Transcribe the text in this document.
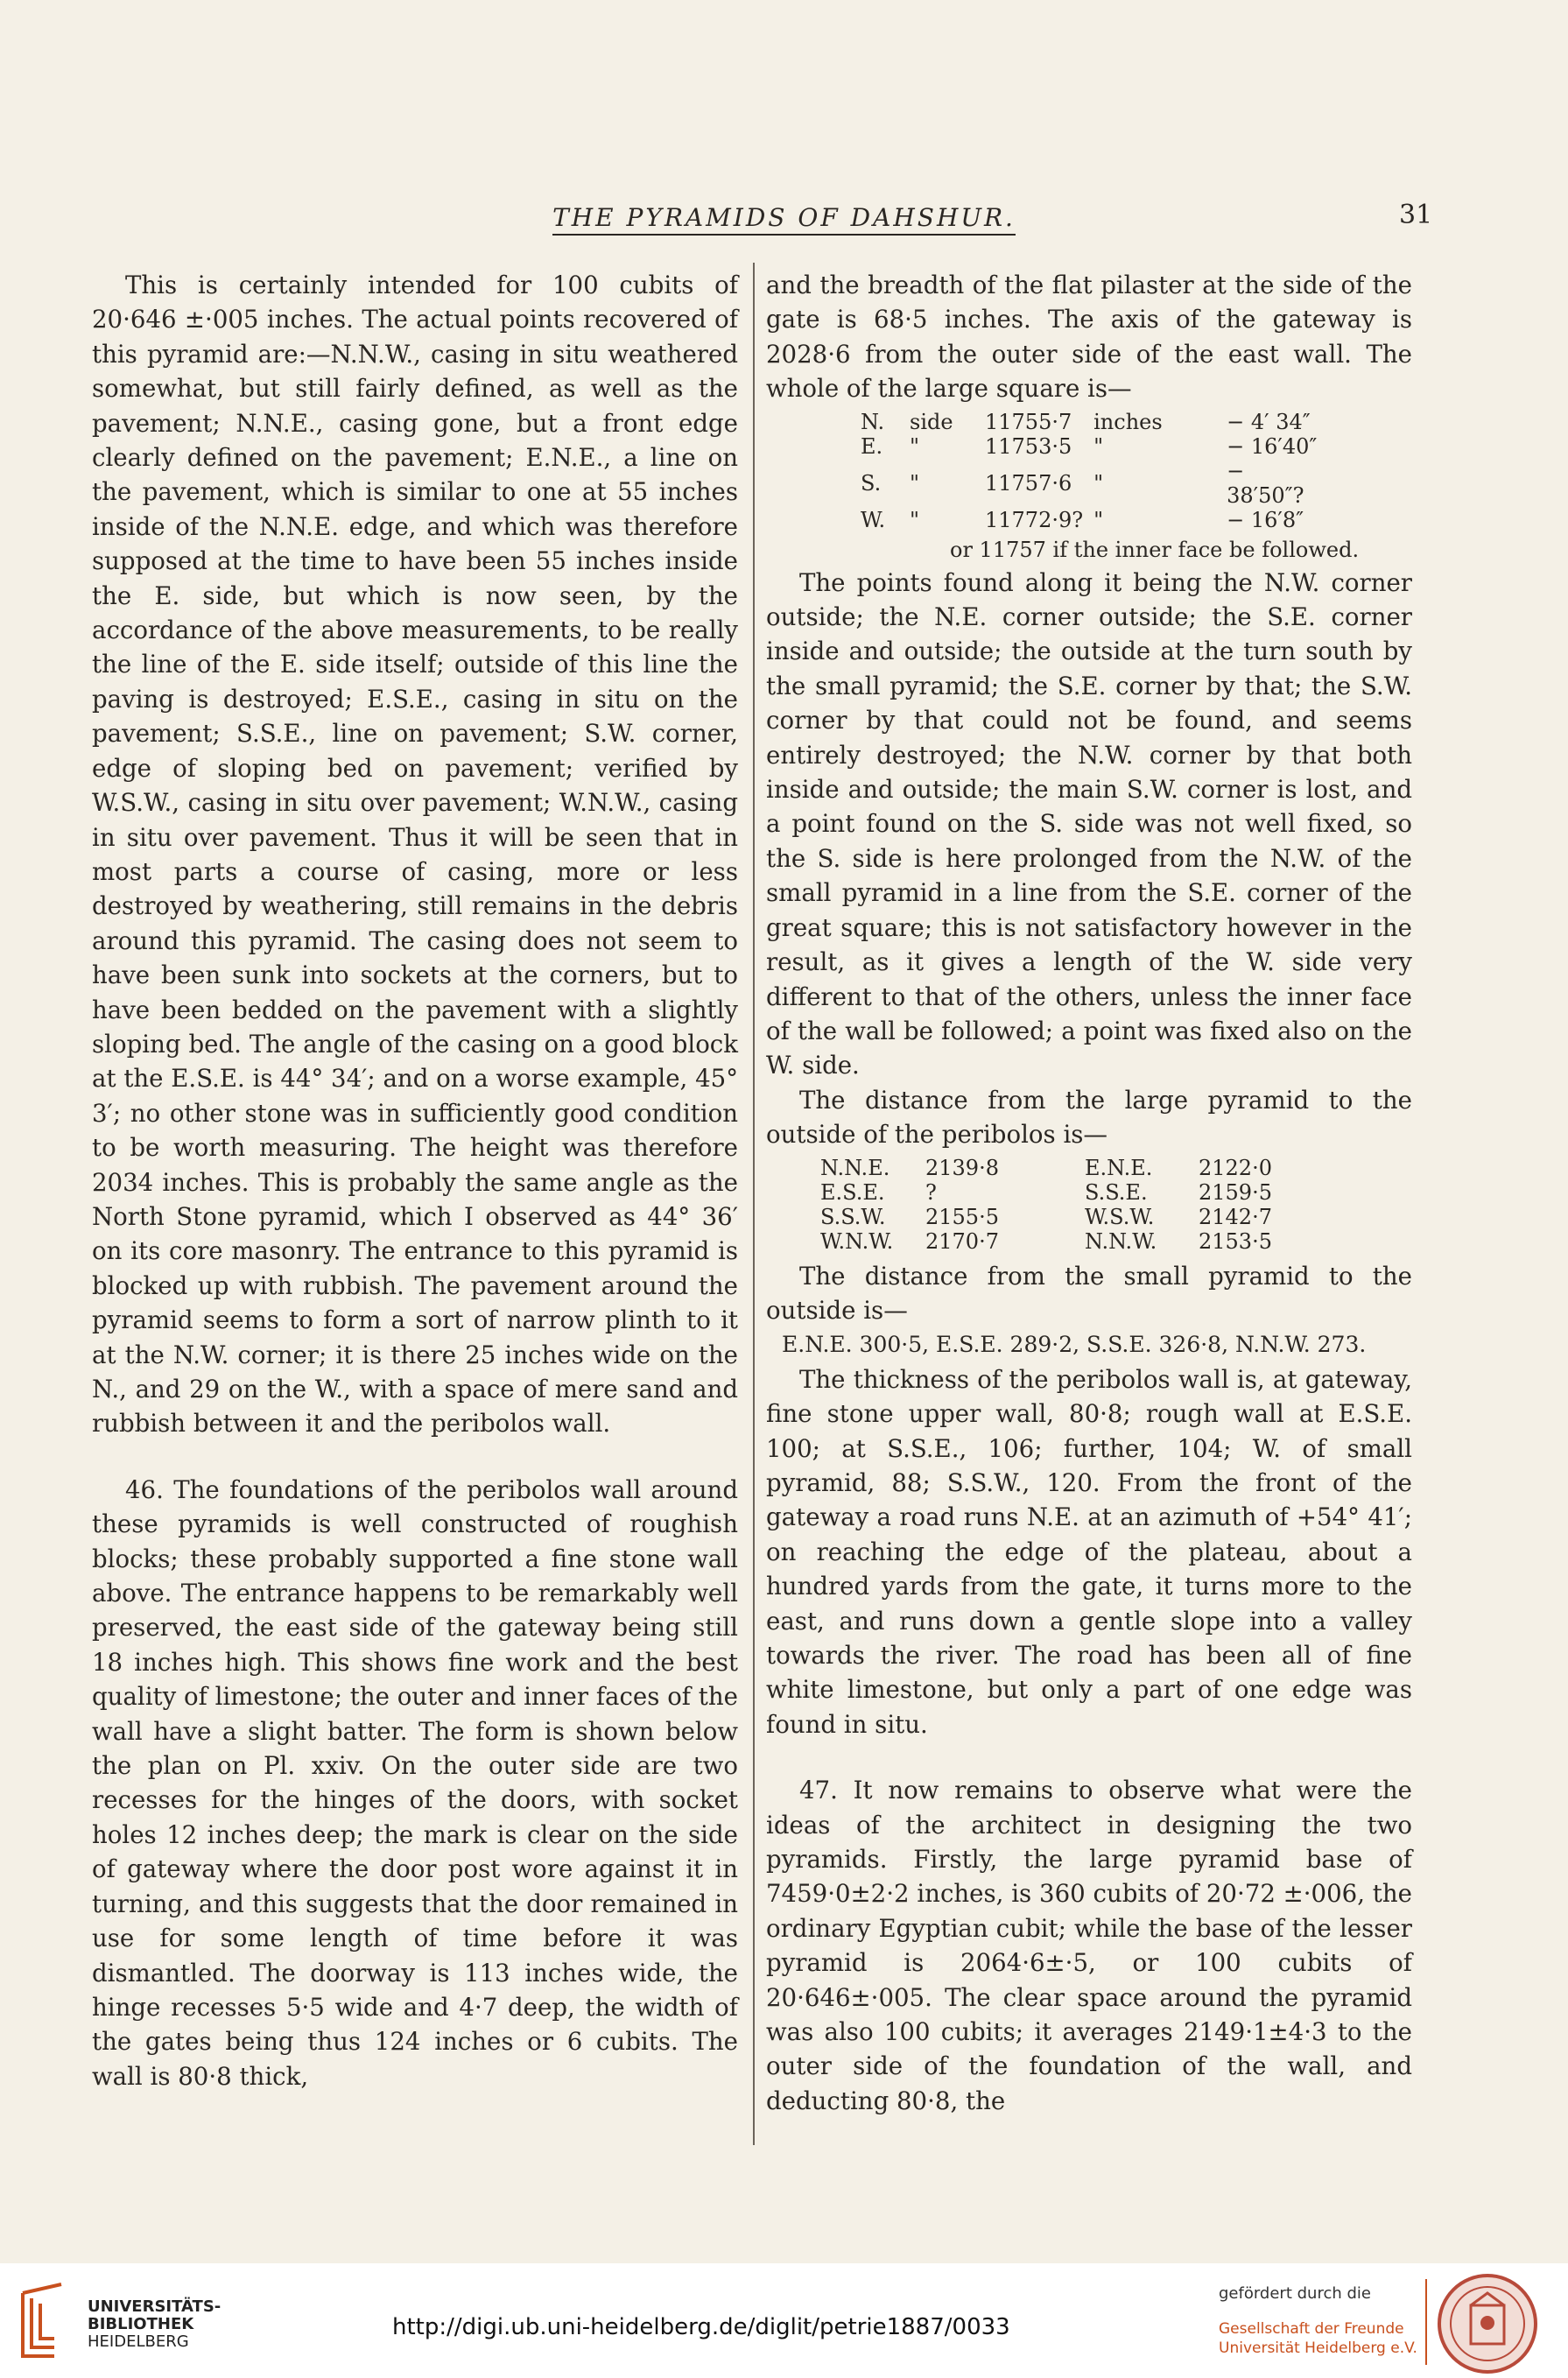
THE PYRAMIDS OF DAHSHUR.	31

This is certainly intended for 100 cubits of 20·646 ±·005 inches. The actual points recovered of this pyramid are:—N.N.W., casing in situ weathered somewhat, but still fairly defined, as well as the pavement; N.N.E., casing gone, but a front edge clearly defined on the pavement; E.N.E., a line on the pavement, which is similar to one at 55 inches inside of the N.N.E. edge, and which was therefore supposed at the time to have been 55 inches inside the E. side, but which is now seen, by the accordance of the above measurements, to be really the line of the E. side itself; outside of this line the paving is destroyed; E.S.E., casing in situ on the pavement; S.S.E., line on pavement; S.W. corner, edge of sloping bed on pavement; verified by W.S.W., casing in situ over pavement; W.N.W., casing in situ over pavement. Thus it will be seen that in most parts a course of casing, more or less destroyed by weathering, still remains in the debris around this pyramid. The casing does not seem to have been sunk into sockets at the corners, but to have been bedded on the pavement with a slightly sloping bed. The angle of the casing on a good block at the E.S.E. is 44° 34′; and on a worse example, 45° 3′; no other stone was in sufficiently good condition to be worth measuring. The height was therefore 2034 inches. This is probably the same angle as the North Stone pyramid, which I observed as 44° 36′ on its core masonry. The entrance to this pyramid is blocked up with rubbish. The pavement around the pyramid seems to form a sort of narrow plinth to it at the N.W. corner; it is there 25 inches wide on the N., and 29 on the W., with a space of mere sand and rubbish between it and the peribolos wall.

46. The foundations of the peribolos wall around these pyramids is well constructed of roughish blocks; these probably supported a fine stone wall above. The entrance happens to be remarkably well preserved, the east side of the gateway being still 18 inches high. This shows fine work and the best quality of limestone; the outer and inner faces of the wall have a slight batter. The form is shown below the plan on Pl. xxiv. On the outer side are two recesses for the hinges of the doors, with socket holes 12 inches deep; the mark is clear on the side of gateway where the door post wore against it in turning, and this suggests that the door remained in use for some length of time before it was dismantled. The doorway is 113 inches wide, the hinge recesses 5·5 wide and 4·7 deep, the width of the gates being thus 124 inches or 6 cubits. The wall is 80·8 thick,

and the breadth of the flat pilaster at the side of the gate is 68·5 inches. The axis of the gateway is 2028·6 from the outer side of the east wall. The whole of the large square is—

N.	side	11755·7	inches	− 4′ 34″
E.	"	11753·5	"	− 16′40″
S.	"	11757·6	"	− 38′50″?
W.	"	11772·9?	"	− 16′8″
or 11757 if the inner face be followed.

The points found along it being the N.W. corner outside; the N.E. corner outside; the S.E. corner inside and outside; the outside at the turn south by the small pyramid; the S.E. corner by that; the S.W. corner by that could not be found, and seems entirely destroyed; the N.W. corner by that both inside and outside; the main S.W. corner is lost, and a point found on the S. side was not well fixed, so the S. side is here prolonged from the N.W. of the small pyramid in a line from the S.E. corner of the great square; this is not satisfactory however in the result, as it gives a length of the W. side very different to that of the others, unless the inner face of the wall be followed; a point was fixed also on the W. side.

The distance from the large pyramid to the outside of the peribolos is—

N.N.E.	2139·8	E.N.E.	2122·0
E.S.E.	?	S.S.E.	2159·5
S.S.W.	2155·5	W.S.W.	2142·7
W.N.W.	2170·7	N.N.W.	2153·5

The distance from the small pyramid to the outside is—

E.N.E. 300·5, E.S.E. 289·2, S.S.E. 326·8, N.N.W. 273.

The thickness of the peribolos wall is, at gateway, fine stone upper wall, 80·8; rough wall at E.S.E. 100; at S.S.E., 106; further, 104; W. of small pyramid, 88; S.S.W., 120. From the front of the gateway a road runs N.E. at an azimuth of +54° 41′; on reaching the edge of the plateau, about a hundred yards from the gate, it turns more to the east, and runs down a gentle slope into a valley towards the river. The road has been all of fine white limestone, but only a part of one edge was found in situ.

47. It now remains to observe what were the ideas of the architect in designing the two pyramids. Firstly, the large pyramid base of 7459·0±2·2 inches, is 360 cubits of 20·72 ±·006, the ordinary Egyptian cubit; while the base of the lesser pyramid is 2064·6±·5, or 100 cubits of 20·646±·005. The clear space around the pyramid was also 100 cubits; it averages 2149·1±4·3 to the outer side of the foundation of the wall, and deducting 80·8, the

UNIVERSITÄTS-
BIBLIOTHEK
HEIDELBERG
http://digi.ub.uni-heidelberg.de/diglit/petrie1887/0033
gefördert durch die
Gesellschaft der Freunde
Universität Heidelberg e.V.
